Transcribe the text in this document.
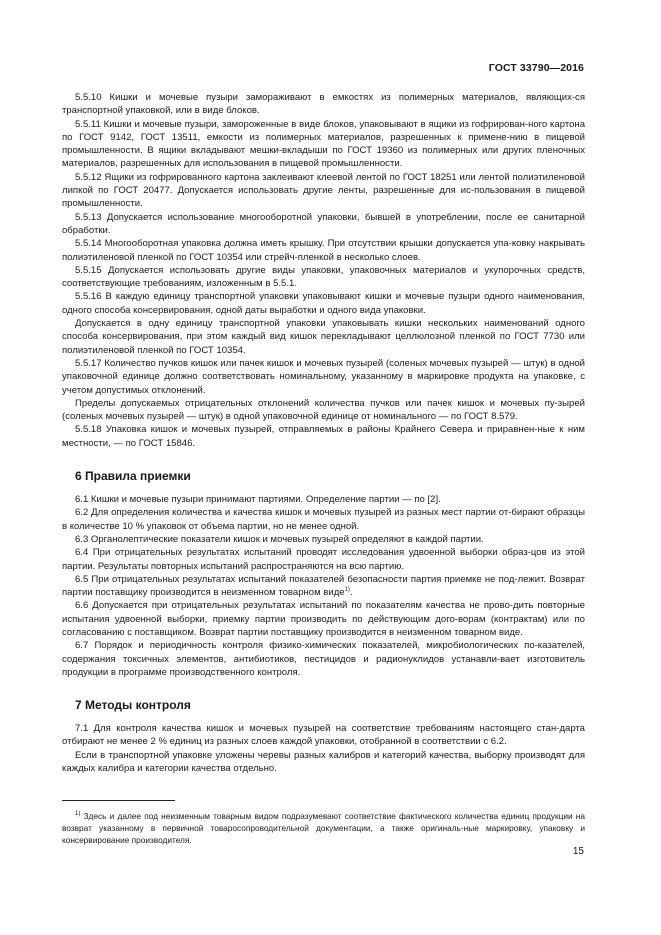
ГОСТ 33790—2016

5.5.10 Кишки и мочевые пузыри замораживают в емкостях из полимерных материалов, являющих-ся транспортной упаковкой, или в виде блоков.

5.5.11 Кишки и мочевые пузыри, замороженные в виде блоков, упаковывают в ящики из гофрирован-ного картона по ГОСТ 9142, ГОСТ 13511, емкости из полимерных материалов, разрешенных к примене-нию в пищевой промышленности. В ящики вкладывают мешки-вкладыши по ГОСТ 19360 из полимерных или других пленочных материалов, разрешенных для использования в пищевой промышленности.

5.5.12 Ящики из гофрированного картона заклеивают клеевой лентой по ГОСТ 18251 или лентой полиэтиленовой липкой по ГОСТ 20477. Допускается использовать другие ленты, разрешенные для ис-пользования в пищевой промышленности.

5.5.13 Допускается использование многооборотной упаковки, бывшей в употреблении, после ее санитарной обработки.

5.5.14 Многооборотная упаковка должна иметь крышку. При отсутствии крышки допускается упа-ковку накрывать полиэтиленовой пленкой по ГОСТ 10354 или стрейч-пленкой в несколько слоев.

5.5.15 Допускается использовать другие виды упаковки, упаковочных материалов и укупорочных средств, соответствующие требованиям, изложенным в 5.5.1.

5.5.16 В каждую единицу транспортной упаковки упаковывают кишки и мочевые пузыри одного наименования, одного способа консервирования, одной даты выработки и одного вида упаковки.

Допускается в одну единицу транспортной упаковки упаковывать кишки нескольких наименований одного способа консервирования, при этом каждый вид кишок перекладывают целлюлозной пленкой по ГОСТ 7730 или полиэтиленовой пленкой по ГОСТ 10354.

5.5.17 Количество пучков кишок или пачек кишок и мочевых пузырей (соленых мочевых пузырей — штук) в одной упаковочной единице должно соответствовать номинальному, указанному в маркировке продукта на упаковке, с учетом допустимых отклонений.

Пределы допускаемых отрицательных отклонений количества пучков или пачек кишок и мочевых пу-зырей (соленых мочевых пузырей — штук) в одной упаковочной единице от номинального — по ГОСТ 8.579.

5.5.18 Упаковка кишок и мочевых пузырей, отправляемых в районы Крайнего Севера и приравнен-ные к ним местности, — по ГОСТ 15846.

6 Правила приемки

6.1 Кишки и мочевые пузыри принимают партиями. Определение партии — по [2].

6.2 Для определения количества и качества кишок и мочевых пузырей из разных мест партии от-бирают образцы в количестве 10 % упаковок от объема партии, но не менее одной.

6.3 Органолептические показатели кишок и мочевых пузырей определяют в каждой партии.

6.4 При отрицательных результатах испытаний проводят исследования удвоенной выборки образ-цов из этой партии. Результаты повторных испытаний распространяются на всю партию.

6.5 При отрицательных результатах испытаний показателей безопасности партия приемке не под-лежит. Возврат партии поставщику производится в неизменном товарном виде$^{1)}$.

6.6 Допускается при отрицательных результатах испытаний по показателям качества не прово-дить повторные испытания удвоенной выборки, приемку партии производить по действующим дого-ворам (контрактам) или по согласованию с поставщиком. Возврат партии поставщику производится в неизменном товарном виде.

6.7 Порядок и периодичность контроля физико-химических показателей, микробиологических по-казателей, содержания токсичных элементов, антибиотиков, пестицидов и радионуклидов устанавли-вает изготовитель продукции в программе производственного контроля.

7 Методы контроля

7.1 Для контроля качества кишок и мочевых пузырей на соответствие требованиям настоящего стан-дарта отбирают не менее 2 % единиц из разных слоев каждой упаковки, отобранной в соответствии с 6.2.

Если в транспортной упаковке уложены черевы разных калибров и категорий качества, выборку производят для каждых калибра и категории качества отдельно.

$^{1)}$ Здесь и далее под неизменным товарным видом подразумевают соответствие фактического количества единиц продукции на возврат указанному в первичной товаросопроводительной документации, а также оригиналь-ные маркировку, упаковку и консервирование производителя.

15
